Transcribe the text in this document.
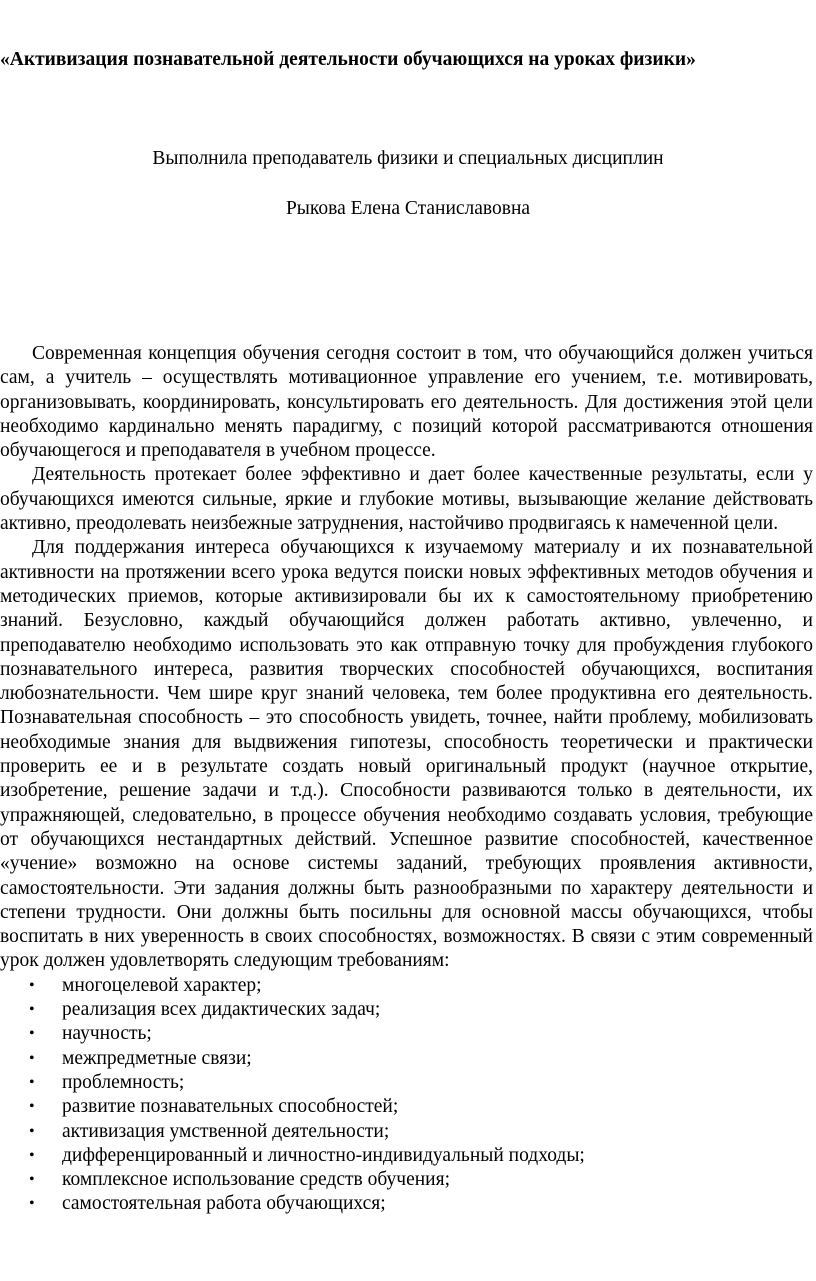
«Активизация познавательной деятельности обучающихся на уроках физики»

Выполнила преподаватель физики и специальных дисциплин

Рыкова Елена Станиславовна

Современная концепция обучения сегодня состоит в том, что обучающийся должен учиться сам, а учитель – осуществлять мотивационное управление его учением, т.е. мотивировать, организовывать, координировать, консультировать его деятельность. Для достижения этой цели необходимо кардинально менять парадигму, с позиций которой рассматриваются отношения обучающегося и преподавателя в учебном процессе.

Деятельность протекает более эффективно и дает более качественные результаты, если у обучающихся имеются сильные, яркие и глубокие мотивы, вызывающие желание действовать активно, преодолевать неизбежные затруднения, настойчиво продвигаясь к намеченной цели.

Для поддержания интереса обучающихся к изучаемому материалу и их познавательной активности на протяжении всего урока ведутся поиски новых эффективных методов обучения и методических приемов, которые активизировали бы их к самостоятельному приобретению знаний. Безусловно, каждый обучающийся должен работать активно, увлеченно, и преподавателю необходимо использовать это как отправную точку для пробуждения глубокого познавательного интереса, развития творческих способностей обучающихся, воспитания любознательности. Чем шире круг знаний человека, тем более продуктивна его деятельность. Познавательная способность – это способность увидеть, точнее, найти проблему, мобилизовать необходимые знания для выдвижения гипотезы, способность теоретически и практически проверить ее и в результате создать новый оригинальный продукт (научное открытие, изобретение, решение задачи и т.д.). Способности развиваются только в деятельности, их упражняющей, следовательно, в процессе обучения необходимо создавать условия, требующие от обучающихся нестандартных действий. Успешное развитие способностей, качественное «учение» возможно на основе системы заданий, требующих проявления активности, самостоятельности. Эти задания должны быть разнообразными по характеру деятельности и степени трудности. Они должны быть посильны для основной массы обучающихся, чтобы воспитать в них уверенность в своих способностях, возможностях. В связи с этим современный урок должен удовлетворять следующим требованиям:

• многоцелевой характер;
• реализация всех дидактических задач;
• научность;
• межпредметные связи;
• проблемность;
• развитие познавательных способностей;
• активизация умственной деятельности;
• дифференцированный и личностно-индивидуальный подходы;
• комплексное использование средств обучения;
• самостоятельная работа обучающихся;
